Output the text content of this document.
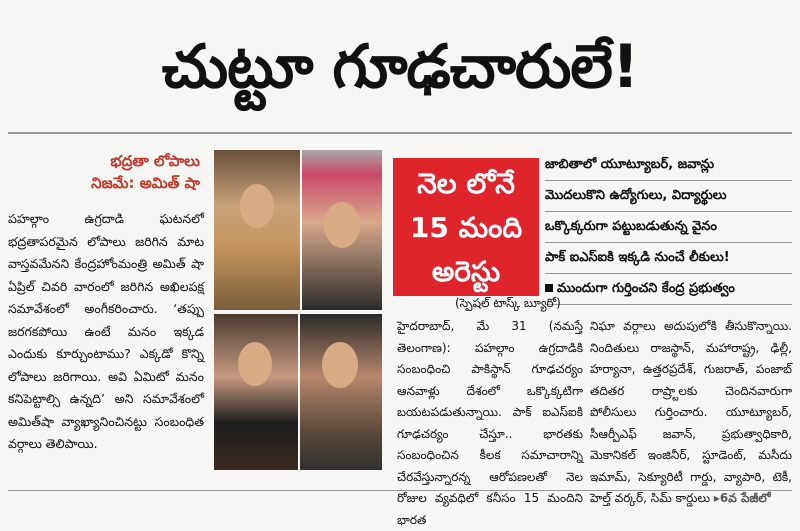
చుట్టూ గూఢచారులే!
భద్రతా లోపాలు
నిజమే: అమిత్‌ షా
పహల్గాం ఉగ్రదాడి ఘటనలో భద్రతాపరమైన లోపాలు జరిగిన మాట వాస్తవమేనని కేంద్రహోంమంత్రి అమిత్‌ షా ఏప్రిల్‌ చివరి వారంలో జరిగిన అఖిలపక్ష సమావేశంలో అంగీకరించారు. ‘తప్పు జరగకపోయి ఉంటే మనం ఇక్కడ ఎందుకు కూర్చుంటాము? ఎక్కడో కొన్ని లోపాలు జరిగాయి. అవి ఏమిటో మనం కనిపెట్టాల్సి ఉన్నది’ అని సమావేశంలో అమిత్‌షా వ్యాఖ్యానించినట్టు సంబంధిత వర్గాలు తెలిపాయి.
నెల లోనే
15 మంది
అరెస్టు
జాబితాలో యూట్యూబర్‌, జవాన్లు
మొదలుకొని ఉద్యోగులు, విద్యార్థులు
ఒక్కొక్కరుగా పట్టుబడుతున్న వైనం
పాక్‌ ఐఎస్‌ఐకి ఇక్కడి నుంచే లీకులు!
ముందుగా గుర్తించని కేంద్ర ప్రభుత్వం
(స్పెషల్‌ టాస్క్‌ బ్యూరో)
హైదరాబాద్‌, మే 31 (నమస్తే తెలంగాణ): పహల్గాం ఉగ్రదాడికి సంబంధించి పాకిస్థాన్‌ గూఢచర్యం ఆనవాళ్లు దేశంలో ఒక్కొక్కటిగా బయటపడుతున్నాయి. పాక్‌ ఐఎస్‌ఐకి గూఢచర్యం చేస్తూ.. భారతకు సంబంధించిన కీలక సమాచారాన్ని చేరవేస్తున్నారన్న ఆరోపణలతో నెల రోజుల వ్యవధిలో కనీసం 15 మందిని భారత
నిఘా వర్గాలు అదుపులోకి తీసుకొన్నాయి. నిందితులు రాజస్థాన్‌, మహారాష్ట్ర, ఢిల్లీ, హర్యానా, ఉత్తరప్రదేశ్‌, గుజరాత్‌, పంజాబ్‌ తదితర రాష్ర్టాలకు చెందినవారుగా పోలీసులు గుర్తించారు. యూట్యూబర్‌, సీఆర్పీఎఫ్‌ జవాన్‌, ప్రభుత్వాధికారి, మెకానికల్‌ ఇంజినీర్‌, స్టూడెంట్‌, మసీదు ఇమామ్‌, సెక్యూరిటీ గార్డు, వ్యాపారి, టెకీ, హెల్త్‌ వర్కర్‌, సిమ్‌ కార్డులు ▸6వ పేజీలో
